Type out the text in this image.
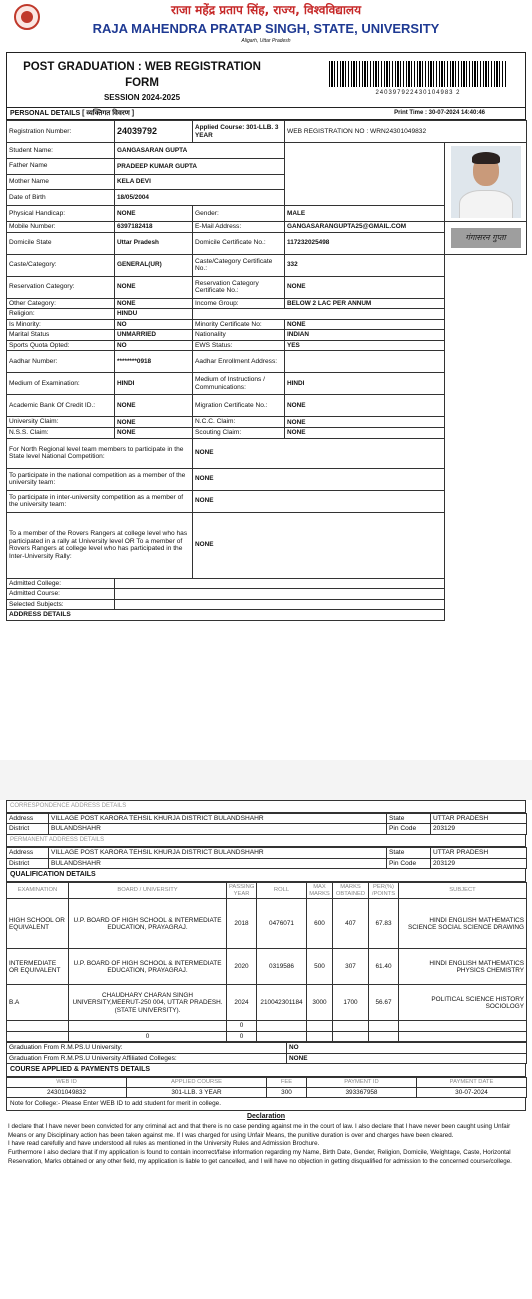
राजा महेंद्र प्रताप सिंह, राज्य, विश्वविद्यालय
RAJA MAHENDRA PRATAP SINGH, STATE, UNIVERSITY
Aligarh, Uttar Pradesh
POST GRADUATION : WEB REGISTRATION FORM
SESSION 2024-2025	240397922430104983 2
PERSONAL DETAILS [ व्यक्तिगत विवरण ]	Print Time : 30-07-2024 14:40:46
Registration Number:	24039792	Applied Course: 301-LLB. 3 YEAR	WEB REGISTRATION NO : WRN24301049832	
Student Name:	GANGASARAN GUPTA			

Father Name	PRADEEP KUMAR GUPTA			
Mother Name	KELA DEVI			
Date of Birth	18/05/2004			
Physical Handicap:	NONE	Gender:	MALE	
Mobile Number:	6397182418	E-Mail Address:	GANGASARANGUPTA25@GMAIL.COM	गंगासरन गुप्ता

Domicile State	Uttar Pradesh	Domicile Certificate No.:	117232025498	
Caste/Category:	GENERAL(UR)	Caste/Category Certificate No.:	332	
Reservation Category:	NONE	Reservation Category Certificate No.:	NONE	
Other Category:	NONE	Income Group:	BELOW 2 LAC PER ANNUM	
Religion:	HINDU			
Is Minority:	NO	Minority Certificate No:	NONE	
Marital Status	UNMARRIED	Nationality	INDIAN	
Sports Quota Opted:	NO	EWS Status:	YES	
Aadhar Number:	********0918	Aadhar Enrollment Address:		
Medium of Examination:	HINDI	Medium of Instructions / Communications:	HINDI	
Academic Bank Of Credit ID.:	NONE	Migration Certificate No.:	NONE	
University Claim:	NONE	N.C.C. Claim:	NONE	
N.S.S. Claim:	NONE	Scouting Claim:	NONE	
For North Regional level team members to participate in the State level National Competition:		NONE		
To participate in the national competition as a member of the university team:		NONE		
To participate in inter-university competition as a member of the university team:		NONE		
To a member of the Rovers Rangers at college level who has participated in a rally at University level OR To a member of Rovers Rangers at college level who has participated in the Inter-University Rally:		NONE		
Admitted College:				
Admitted Course:				
Selected Subjects:				
ADDRESS DETAILS				
CORRESPONDENCE ADDRESS DETAILS
Address	VILLAGE POST KARORA TEHSIL KHURJA DISTRICT BULANDSHAHR	State	UTTAR PRADESH
District	BULANDSHAHR	Pin Code	203129
PERMANENT ADDRESS DETAILS
Address	VILLAGE POST KARORA TEHSIL KHURJA DISTRICT BULANDSHAHR	State	UTTAR PRADESH
District	BULANDSHAHR	Pin Code	203129
QUALIFICATION DETAILS
EXAMINATION	BOARD / UNIVERSITY	PASSING YEAR	ROLL	MAX MARKS	MARKS OBTAINED	PER(%) /POINTS	SUBJECT
HIGH SCHOOL OR EQUIVALENT	U.P. BOARD OF HIGH SCHOOL & INTERMEDIATE EDUCATION, PRAYAGRAJ.	2018	0476071	600	407	67.83	HINDI ENGLISH MATHEMATICS SCIENCE SOCIAL SCIENCE DRAWING
INTERMEDIATE OR EQUIVALENT	U.P. BOARD OF HIGH SCHOOL & INTERMEDIATE EDUCATION, PRAYAGRAJ.	2020	0319586	500	307	61.40	HINDI ENGLISH MATHEMATICS PHYSICS CHEMISTRY
B.A	CHAUDHARY CHARAN SINGH UNIVERSITY,MEERUT-250 004, UTTAR PRADESH. (STATE UNIVERSITY).	2024	210042301184	3000	1700	56.67	POLITICAL SCIENCE HISTORY SOCIOLOGY
		0					
	0	0					
Graduation From R.M.PS.U University:	NO
Graduation From R.M.PS.U University Affiliated Colleges:	NONE
COURSE APPLIED & PAYMENTS DETAILS
WEB ID	APPLIED COURSE	FEE	PAYMENT ID	PAYMENT DATE
24301049832	301-LLB. 3 YEAR	300	393367958	30-07-2024
Note for College:- Please Enter WEB ID to add student for merit in college.
Declaration

I declare that I have never been convicted for any criminal act and that there is no case pending against me in the court of law. I also declare that I have never been caught using Unfair Means or any Disciplinary action has been taken against me. If I was charged for using Unfair Means, the punitive duration is over and charges have been cleared.

I have read carefully and have understood all rules as mentioned in the University Rules and Admission Brochure.

Furthermore I also declare that if my application is found to contain incorrect/false information regarding my Name, Birth Date, Gender, Religion, Domicile, Weightage, Caste, Horizontal Reservation, Marks obtained or any other field, my application is liable to get cancelled, and I will have no objection in getting disqualified for admission to the concerned course/college.
